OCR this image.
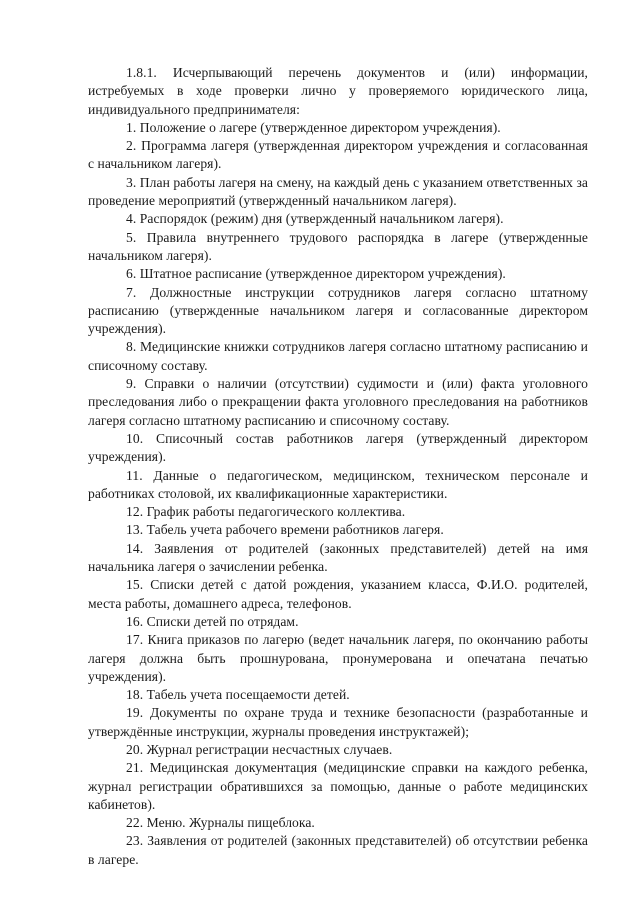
1.8.1. Исчерпывающий перечень документов и (или) информации, истребуемых в ходе проверки лично у проверяемого юридического лица, индивидуального предпринимателя:

1. Положение о лагере (утвержденное директором учреждения).

2. Программа лагеря (утвержденная директором учреждения и согласованная с начальником лагеря).

3. План работы лагеря на смену, на каждый день с указанием ответственных за проведение мероприятий (утвержденный начальником лагеря).

4. Распорядок (режим) дня (утвержденный начальником лагеря).

5. Правила внутреннего трудового распорядка в лагере (утвержденные начальником лагеря).

6. Штатное расписание (утвержденное директором учреждения).

7. Должностные инструкции сотрудников лагеря согласно штатному расписанию (утвержденные начальником лагеря и согласованные директором учреждения).

8. Медицинские книжки сотрудников лагеря согласно штатному расписанию и списочному составу.

9. Справки о наличии (отсутствии) судимости и (или) факта уголовного преследования либо о прекращении факта уголовного преследования на работников лагеря согласно штатному расписанию и списочному составу.

10. Списочный состав работников лагеря (утвержденный директором учреждения).

11. Данные о педагогическом, медицинском, техническом персонале и работниках столовой, их квалификационные характеристики.

12. График работы педагогического коллектива.

13. Табель учета рабочего времени работников лагеря.

14. Заявления от родителей (законных представителей) детей на имя начальника лагеря о зачислении ребенка.

15. Списки детей с датой рождения, указанием класса, Ф.И.О. родителей, места работы, домашнего адреса, телефонов.

16. Списки детей по отрядам.

17. Книга приказов по лагерю (ведет начальник лагеря, по окончанию работы лагеря должна быть прошнурована, пронумерована и опечатана печатью учреждения).

18. Табель учета посещаемости детей.

19. Документы по охране труда и технике безопасности (разработанные и утверждённые инструкции, журналы проведения инструктажей);

20. Журнал регистрации несчастных случаев.

21. Медицинская документация (медицинские справки на каждого ребенка, журнал регистрации обратившихся за помощью, данные о работе медицинских кабинетов).

22. Меню. Журналы пищеблока.

23. Заявления от родителей (законных представителей) об отсутствии ребенка в лагере.
